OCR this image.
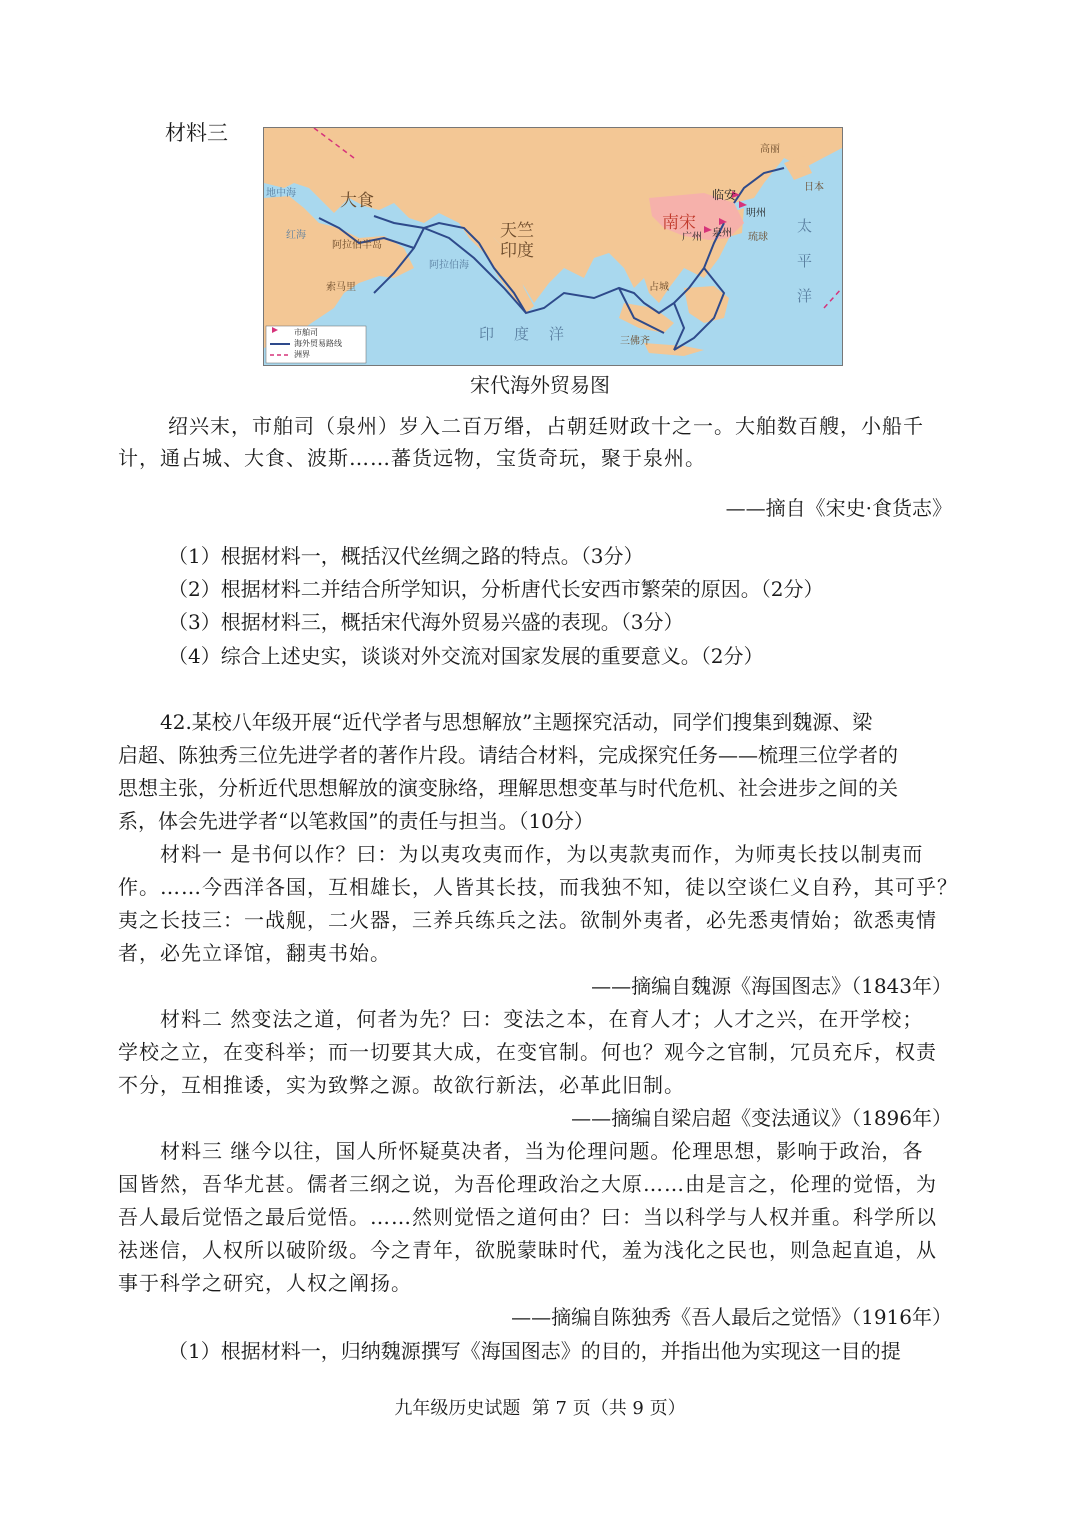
材料三
大食
天竺
印度
南宋
临安
明州
广州 泉州
阿拉伯半岛
阿拉伯海
印度洋
太平洋
地中海
红海
索马里
高丽
日本
三佛齐
占城
琉球
市舶司
海外贸易路线
洲界
宋代海外贸易图
绍兴末，市舶司（泉州）岁入二百万缗，占朝廷财政十之一。大舶数百艘，小船千
计，通占城、大食、波斯……蕃货远物，宝货奇玩，聚于泉州。
——摘自《宋史·食货志》
（1）根据材料一，概括汉代丝绸之路的特点。（3分）
（2）根据材料二并结合所学知识，分析唐代长安西市繁荣的原因。（2分）
（3）根据材料三，概括宋代海外贸易兴盛的表现。（3分）
（4）综合上述史实，谈谈对外交流对国家发展的重要意义。（2分）
42.某校八年级开展“近代学者与思想解放”主题探究活动，同学们搜集到魏源、梁
启超、陈独秀三位先进学者的著作片段。请结合材料，完成探究任务——梳理三位学者的
思想主张，分析近代思想解放的演变脉络，理解思想变革与时代危机、社会进步之间的关
系，体会先进学者“以笔救国”的责任与担当。（10分）
材料一 是书何以作？曰：为以夷攻夷而作，为以夷款夷而作，为师夷长技以制夷而
作。……今西洋各国，互相雄长，人皆其长技，而我独不知，徒以空谈仁义自矜，其可乎？
夷之长技三：一战舰，二火器，三养兵练兵之法。欲制外夷者，必先悉夷情始；欲悉夷情
者，必先立译馆，翻夷书始。
——摘编自魏源《海国图志》（1843年）
材料二 然变法之道，何者为先？曰：变法之本，在育人才；人才之兴，在开学校；
学校之立，在变科举；而一切要其大成，在变官制。何也？观今之官制，冗员充斥，权责
不分，互相推诿，实为致弊之源。故欲行新法，必革此旧制。
——摘编自梁启超《变法通议》（1896年）
材料三 继今以往，国人所怀疑莫决者，当为伦理问题。伦理思想，影响于政治，各
国皆然，吾华尤甚。儒者三纲之说，为吾伦理政治之大原……由是言之，伦理的觉悟，为
吾人最后觉悟之最后觉悟。……然则觉悟之道何由？曰：当以科学与人权并重。科学所以
祛迷信，人权所以破阶级。今之青年，欲脱蒙昧时代，羞为浅化之民也，则急起直追，从
事于科学之研究，人权之阐扬。
——摘编自陈独秀《吾人最后之觉悟》（1916年）
（1）根据材料一，归纳魏源撰写《海国图志》的目的，并指出他为实现这一目的提
九年级历史试题  第 7 页（共 9 页）
